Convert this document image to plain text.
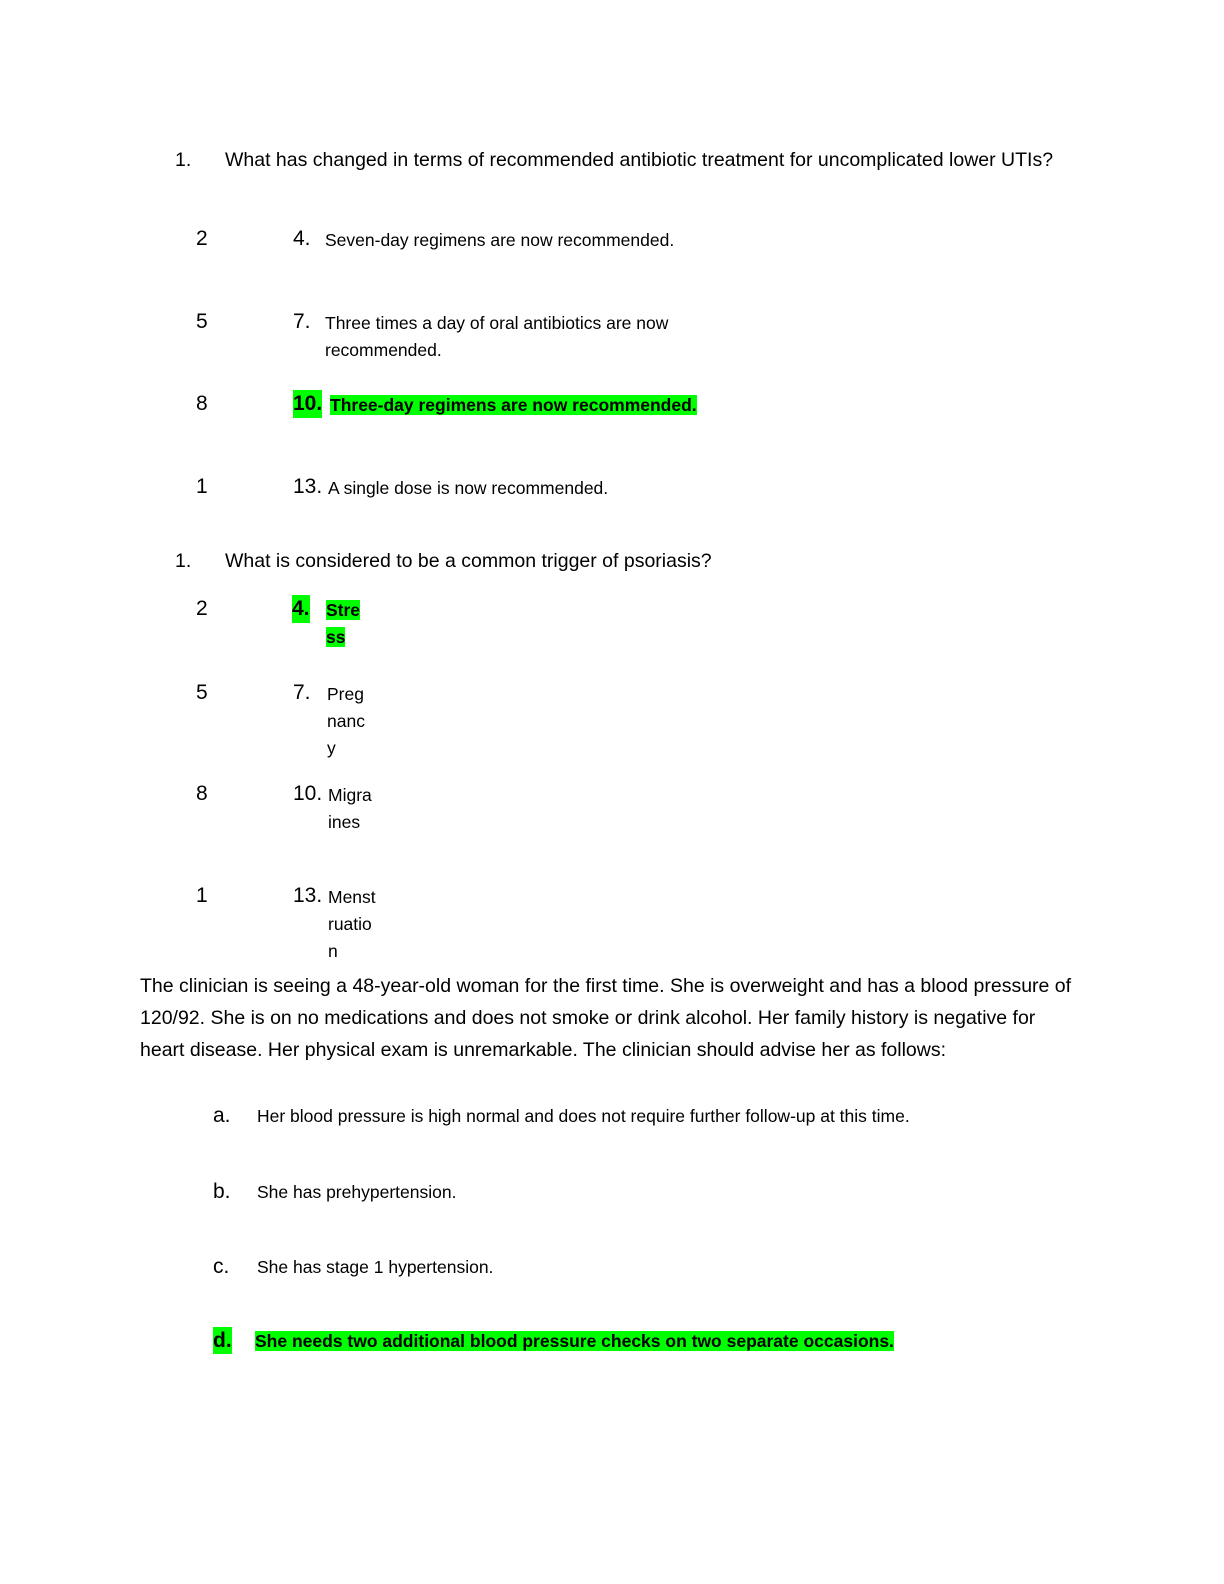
1.	What has changed in terms of recommended antibiotic treatment for uncomplicated lower UTIs?
2	4. Seven-day regimens are now recommended.
5	7. Three times a day of oral antibiotics are now recommended.
8	10. Three-day regimens are now recommended.
1	13. A single dose is now recommended.
1.	What is considered to be a common trigger of psoriasis?
2	4. Stress
5	7. Pregnancy
8	10. Migraines
1	13. Menstruation
The clinician is seeing a 48-year-old woman for the first time. She is overweight and has a blood pressure of 120/92. She is on no medications and does not smoke or drink alcohol. Her family history is negative for heart disease. Her physical exam is unremarkable. The clinician should advise her as follows:
a. Her blood pressure is high normal and does not require further follow-up at this time.
b. She has prehypertension.
c. She has stage 1 hypertension.
d. She needs two additional blood pressure checks on two separate occasions.
